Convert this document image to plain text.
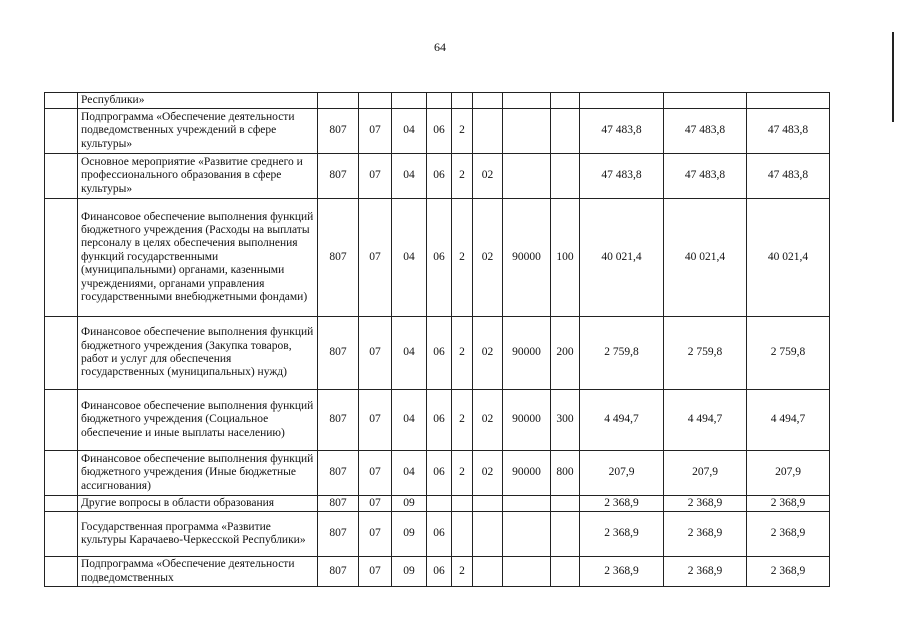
64
	Республики»											
	Подпрограмма «Обеспечение деятельности подведомственных учреждений в сфере культуры»	807	07	04	06	2				47 483,8	47 483,8	47 483,8
	Основное мероприятие «Развитие среднего и профессионального образования в сфере культуры»	807	07	04	06	2	02			47 483,8	47 483,8	47 483,8
	Финансовое обеспечение выполнения функций бюджетного учреждения (Расходы на выплаты персоналу в целях обеспечения выполнения функций государственными (муниципальными) органами, казенными учреждениями, органами управления государственными внебюджетными фондами)	807	07	04	06	2	02	90000	100	40 021,4	40 021,4	40 021,4
	Финансовое обеспечение выполнения функций бюджетного учреждения (Закупка товаров, работ и услуг для обеспечения государственных (муниципальных) нужд)	807	07	04	06	2	02	90000	200	2 759,8	2 759,8	2 759,8
	Финансовое обеспечение выполнения функций бюджетного учреждения (Социальное обеспечение и иные выплаты населению)	807	07	04	06	2	02	90000	300	4 494,7	4 494,7	4 494,7
	Финансовое обеспечение выполнения функций бюджетного учреждения (Иные бюджетные ассигнования)	807	07	04	06	2	02	90000	800	207,9	207,9	207,9
	Другие вопросы в области образования	807	07	09						2 368,9	2 368,9	2 368,9
	Государственная программа «Развитие культуры Карачаево-Черкесской Республики»	807	07	09	06					2 368,9	2 368,9	2 368,9
	Подпрограмма «Обеспечение деятельности подведомственных	807	07	09	06	2				2 368,9	2 368,9	2 368,9
